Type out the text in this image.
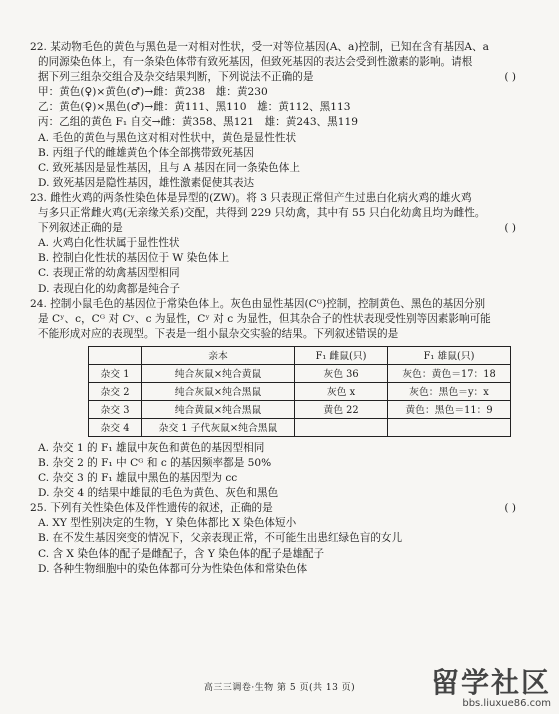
22. 某动物毛色的黄色与黑色是一对相对性状，受一对等位基因(A、a)控制，已知在含有基因A、a
的同源染色体上，有一条染色体带有致死基因，但致死基因的表达会受到性激素的影响。请根
据下列三组杂交组合及杂交结果判断，下列说法不正确的是	( )
甲：黄色(♀)×黄色(♂)→雌：黄238　雄：黄230
乙：黄色(♀)×黑色(♂)→雌：黄111、黑110　雄：黄112、黑113
丙：乙组的黄色 F₁ 自交→雌：黄358、黑121　雄：黄243、黑119
A. 毛色的黄色与黑色这对相对性状中，黄色是显性性状
B. 丙组子代的雌雄黄色个体全部携带致死基因
C. 致死基因是显性基因，且与 A 基因在同一条染色体上
D. 致死基因是隐性基因，雄性激素促使其表达
23. 雌性火鸡的两条性染色体是异型的(ZW)。将 3 只表现正常但产生过患白化病火鸡的雄火鸡
与多只正常雌火鸡(无亲缘关系)交配，共得到 229 只幼禽，其中有 55 只白化幼禽且均为雌性。
下列叙述正确的是	( )
A. 火鸡白化性状属于显性性状
B. 控制白化性状的基因位于 W 染色体上
C. 表现正常的幼禽基因型相同
D. 表现白化的幼禽都是纯合子
24. 控制小鼠毛色的基因位于常染色体上。灰色由显性基因(Cᴳ)控制，控制黄色、黑色的基因分别
是 Cʸ、c，Cᴳ 对 Cʸ、c 为显性，Cʸ 对 c 为显性，但其杂合子的性状表现受性别等因素影响可能
不能形成对应的表现型。下表是一组小鼠杂交实验的结果。下列叙述错误的是
	亲本	F₁ 雌鼠(只)	F₁ 雄鼠(只)
杂交 1	纯合灰鼠×纯合黄鼠	灰色 36	灰色：黄色＝17：18
杂交 2	纯合灰鼠×纯合黑鼠	灰色 x	灰色：黑色＝y：x
杂交 3	纯合黄鼠×纯合黑鼠	黄色 22	黄色：黑色＝11：9
杂交 4	杂交 1 子代灰鼠×纯合黑鼠		
A. 杂交 1 的 F₁ 雄鼠中灰色和黄色的基因型相同
B. 杂交 2 的 F₁ 中 Cᴳ 和 c 的基因频率都是 50%
C. 杂交 3 的 F₁ 雄鼠中黑色的基因型为 cc
D. 杂交 4 的结果中雄鼠的毛色为黄色、灰色和黑色
25. 下列有关性染色体及伴性遗传的叙述，正确的是	( )
A. XY 型性别决定的生物，Y 染色体都比 X 染色体短小
B. 在不发生基因突变的情况下，父亲表现正常，不可能生出患红绿色盲的女儿
C. 含 X 染色体的配子是雌配子，含 Y 染色体的配子是雄配子
D. 各种生物细胞中的染色体都可分为性染色体和常染色体
高三三调卷·生物 第 5 页(共 13 页)	留学社区
bbs.liuxue86.com
